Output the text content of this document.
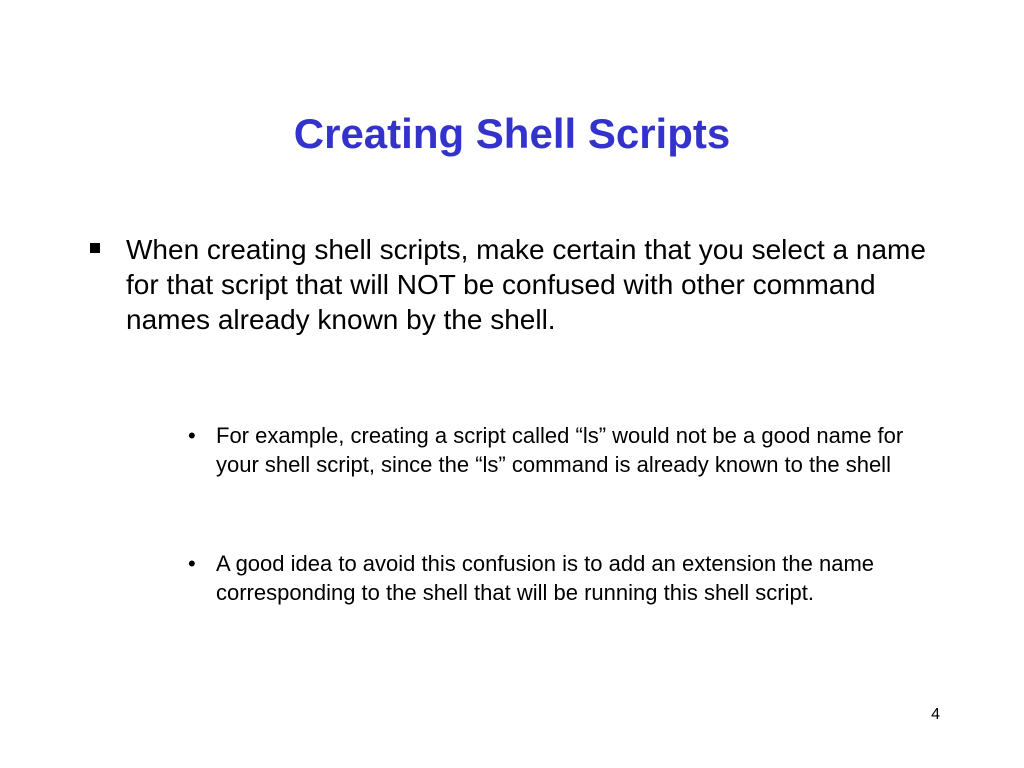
Creating Shell Scripts
When creating shell scripts, make certain that you select a name for that script that will NOT be confused with other command names already known by the shell.
• For example, creating a script called “ls” would not be a good name for your shell script, since the “ls” command is already known to the shell
• A good idea to avoid this confusion is to add an extension the name corresponding to the shell that will be running this shell script.
4
